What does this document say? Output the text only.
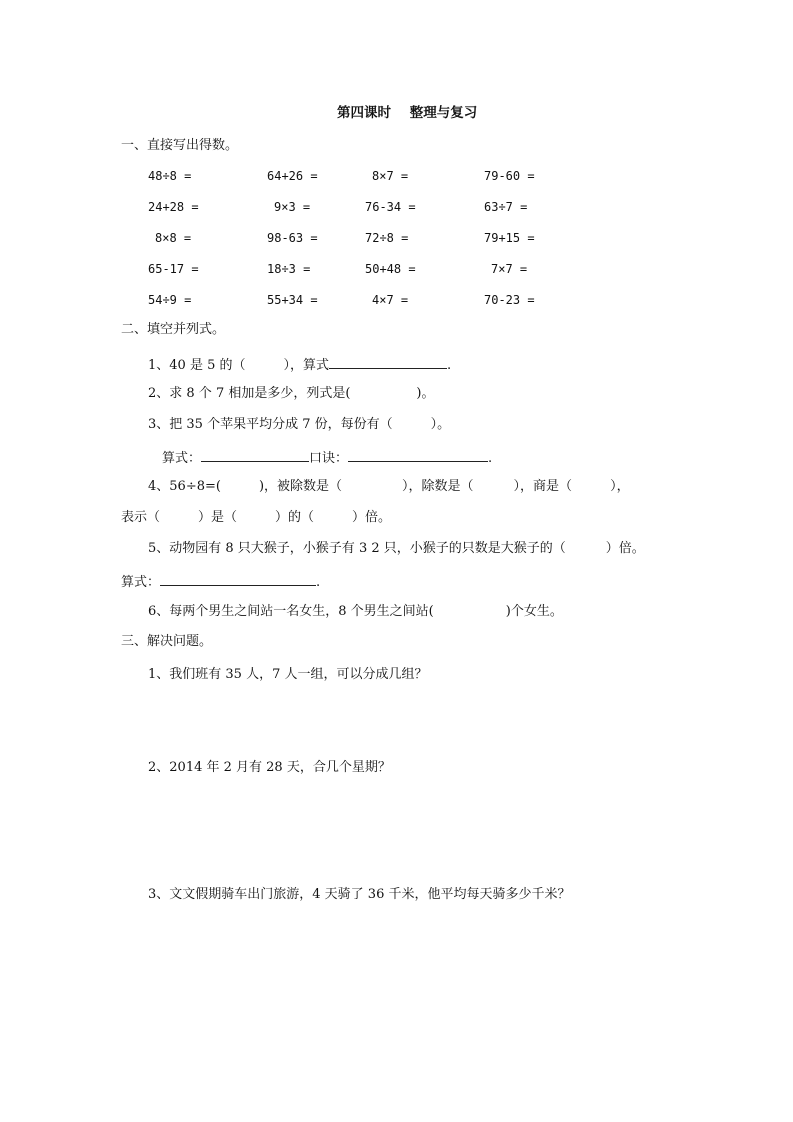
第四课时    整理与复习
一、直接写出得数。
48÷8 =	64+26 =	8×7 =	79-60 =
24+28 =	9×3 =	76-34 =	63÷7 =
8×8 =	98-63 =	72÷8 =	79+15 =
65-17 =	18÷3 =	50+48 =	7×7 =
54÷9 =	55+34 =	4×7 =	70-23 =
二、填空并列式。
1、40 是 5 的（	），算式	.
2、求 8 个 7 相加是多少，列式是(	)。
3、把 35 个苹果平均分成 7 份，每份有（	）。
算式：	口诀：	.
4、56÷8=(	)，被除数是（	），除数是（	），商是（	），
表示（	）是（	）的（	）倍。
5、动物园有 8 只大猴子，小猴子有 3 2 只，小猴子的只数是大猴子的（	）倍。
算式：	.
6、每两个男生之间站一名女生，8 个男生之间站(	)个女生。
三、解决问题。
1、我们班有 35 人，7 人一组，可以分成几组？
2、2014 年 2 月有 28 天，合几个星期？
3、文文假期骑车出门旅游，4 天骑了 36 千米，他平均每天骑多少千米？
